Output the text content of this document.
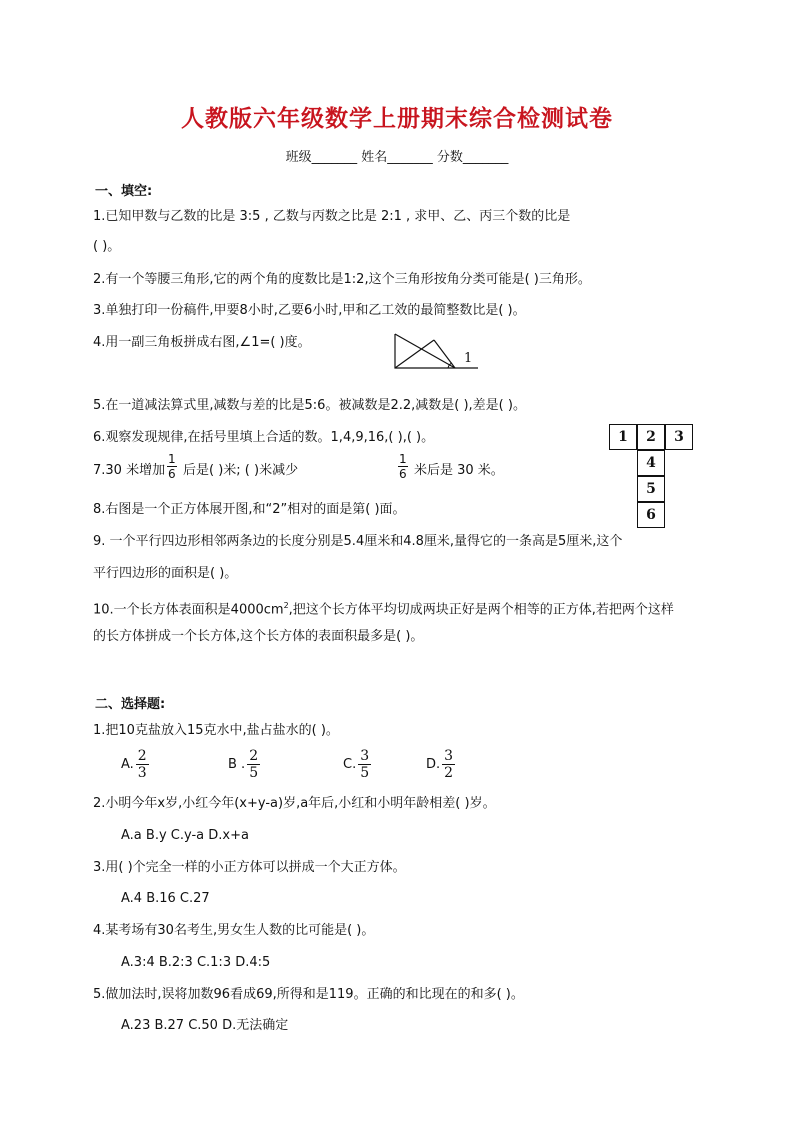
人教版六年级数学上册期末综合检测试卷
班级_______ 姓名_______ 分数_______
一、填空:
1.已知甲数与乙数的比是 3:5 , 乙数与丙数之比是 2:1 , 求甲、乙、丙三个数的比是
( )。
2.有一个等腰三角形,它的两个角的度数比是1:2,这个三角形按角分类可能是( )三角形。
3.单独打印一份稿件,甲要8小时,乙要6小时,甲和乙工效的最简整数比是( )。
4.用一副三角板拼成右图,∠1=( )度。
1
5.在一道减法算式里,减数与差的比是5:6。被减数是2.2,减数是( ),差是( )。
6.观察发现规律,在括号里填上合适的数。1,4,9,16,( ),( )。
7.30 米增加
1
6 后是( )米; ( )米减少
1
6 米后是 30 米。
1	2	3
4
5
6
8.右图是一个正方体展开图,和“2”相对的面是第( )面。
9. 一个平行四边形相邻两条边的长度分别是5.4厘米和4.8厘米,量得它的一条高是5厘米,这个
平行四边形的面积是( )。
10.一个长方体表面积是$4000cm^2$,把这个长方体平均切成两块正好是两个相等的正方体,若把两个这样
的长方体拼成一个长方体,这个长方体的表面积最多是( )。
二、选择题:
1.把10克盐放入15克水中,盐占盐水的( )。
A. $\frac{2}{3}$	B . $\frac{2}{5}$	C. $\frac{3}{5}$	D. $\frac{3}{2}$
2.小明今年x岁,小红今年(x+y-a)岁,a年后,小红和小明年龄相差( )岁。
A.a B.y C.y-a D.x+a
3.用( )个完全一样的小正方体可以拼成一个大正方体。
A.4 B.16 C.27
4.某考场有30名考生,男女生人数的比可能是( )。
A.3:4 B.2:3 C.1:3 D.4:5
5.做加法时,误将加数96看成69,所得和是119。正确的和比现在的和多( )。
A.23 B.27 C.50 D.无法确定
